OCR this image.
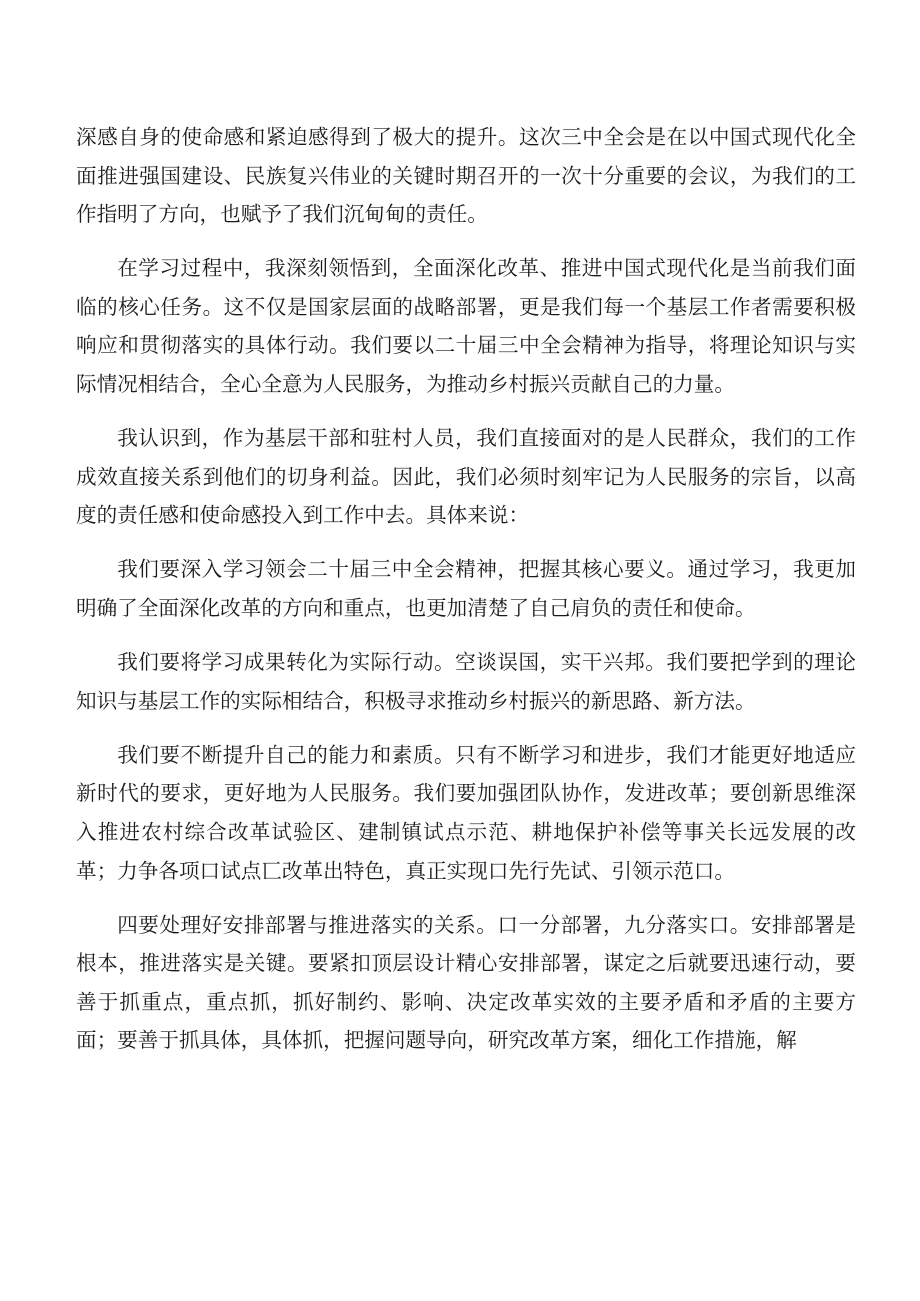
深感自身的使命感和紧迫感得到了极大的提升。这次三中全会是在以中国式现代化全面推进强国建设、民族复兴伟业的关键时期召开的一次十分重要的会议，为我们的工作指明了方向，也赋予了我们沉甸甸的责任。

在学习过程中，我深刻领悟到，全面深化改革、推进中国式现代化是当前我们面临的核心任务。这不仅是国家层面的战略部署，更是我们每一个基层工作者需要积极响应和贯彻落实的具体行动。我们要以二十届三中全会精神为指导，将理论知识与实际情况相结合，全心全意为人民服务，为推动乡村振兴贡献自己的力量。

我认识到，作为基层干部和驻村人员，我们直接面对的是人民群众，我们的工作成效直接关系到他们的切身利益。因此，我们必须时刻牢记为人民服务的宗旨，以高度的责任感和使命感投入到工作中去。具体来说：

我们要深入学习领会二十届三中全会精神，把握其核心要义。通过学习，我更加明确了全面深化改革的方向和重点，也更加清楚了自己肩负的责任和使命。

我们要将学习成果转化为实际行动。空谈误国，实干兴邦。我们要把学到的理论知识与基层工作的实际相结合，积极寻求推动乡村振兴的新思路、新方法。

我们要不断提升自己的能力和素质。只有不断学习和进步，我们才能更好地适应新时代的要求，更好地为人民服务。我们要加强团队协作，发进改革；要创新思维深入推进农村综合改革试验区、建制镇试点示范、耕地保护补偿等事关长远发展的改革；力争各项口试点匸改革出特色，真正实现口先行先试、引领示范口。

四要处理好安排部署与推进落实的关系。口一分部署，九分落实口。安排部署是根本，推进落实是关键。要紧扣顶层设计精心安排部署，谋定之后就要迅速行动，要善于抓重点，重点抓，抓好制约、影响、决定改革实效的主要矛盾和矛盾的主要方面；要善于抓具体，具体抓，把握问题导向，研究改革方案，细化工作措施，解
